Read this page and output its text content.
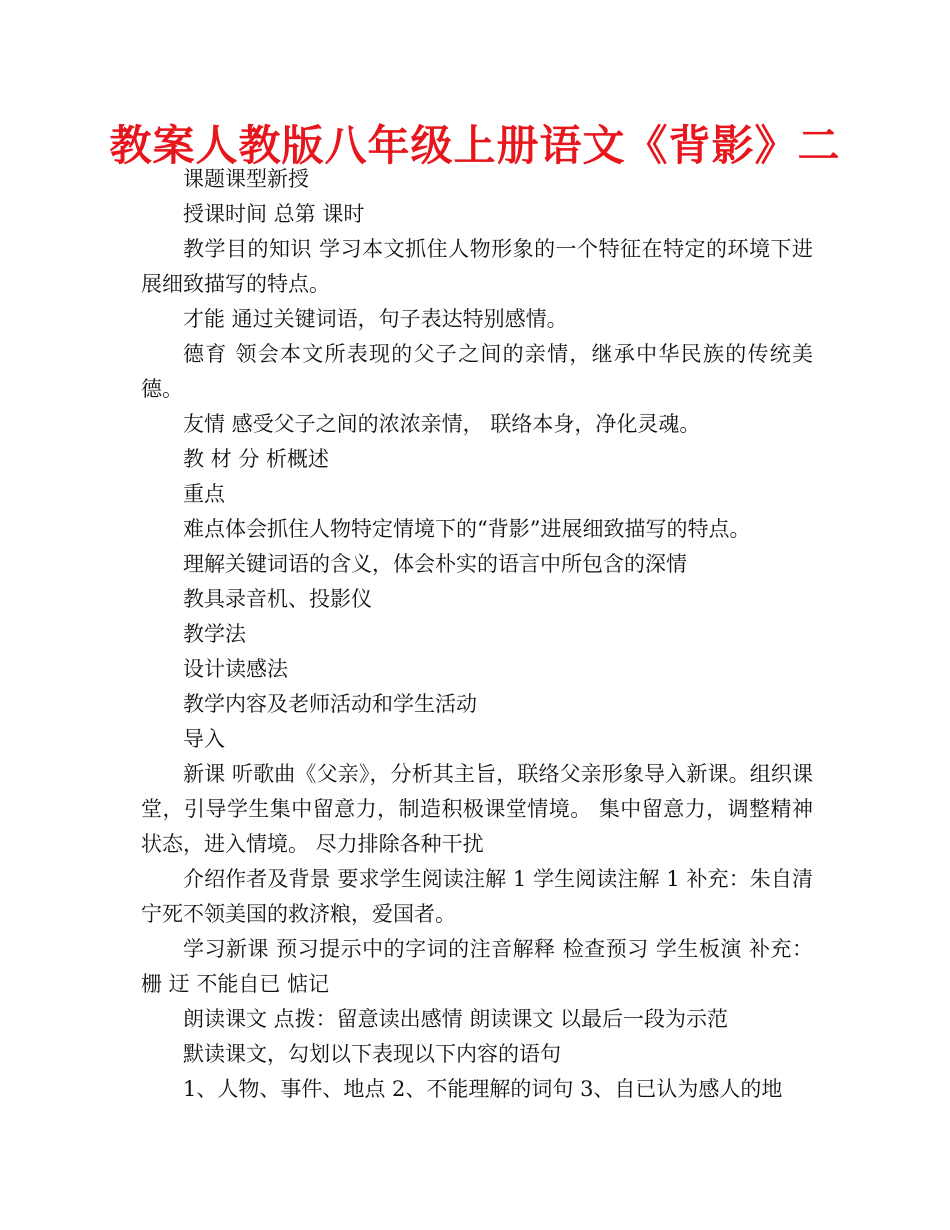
教案人教版八年级上册语文《背影》二

课题课型新授

授课时间 总第 课时

教学目的知识 学习本文抓住人物形象的一个特征在特定的环境下进展细致描写的特点。

才能 通过关键词语，句子表达特别感情。

德育 领会本文所表现的父子之间的亲情，继承中华民族的传统美德。

友情 感受父子之间的浓浓亲情， 联络本身，净化灵魂。

教 材 分 析概述

重点

难点体会抓住人物特定情境下的“背影”进展细致描写的特点。

理解关键词语的含义，体会朴实的语言中所包含的深情

教具录音机、投影仪

教学法

设计读感法

教学内容及老师活动和学生活动

导入

新课 听歌曲《父亲》，分析其主旨，联络父亲形象导入新课。组织课堂，引导学生集中留意力，制造积极课堂情境。 集中留意力，调整精神状态，进入情境。 尽力排除各种干扰

介绍作者及背景 要求学生阅读注解 1 学生阅读注解 1 补充：朱自清宁死不领美国的救济粮，爱国者。

学习新课 预习提示中的字词的注音解释 检查预习 学生板演 补充：栅 迂 不能自已 惦记

朗读课文 点拨：留意读出感情 朗读课文 以最后一段为示范

默读课文，勾划以下表现以下内容的语句

1、人物、事件、地点 2、不能理解的词句 3、自已认为感人的地
